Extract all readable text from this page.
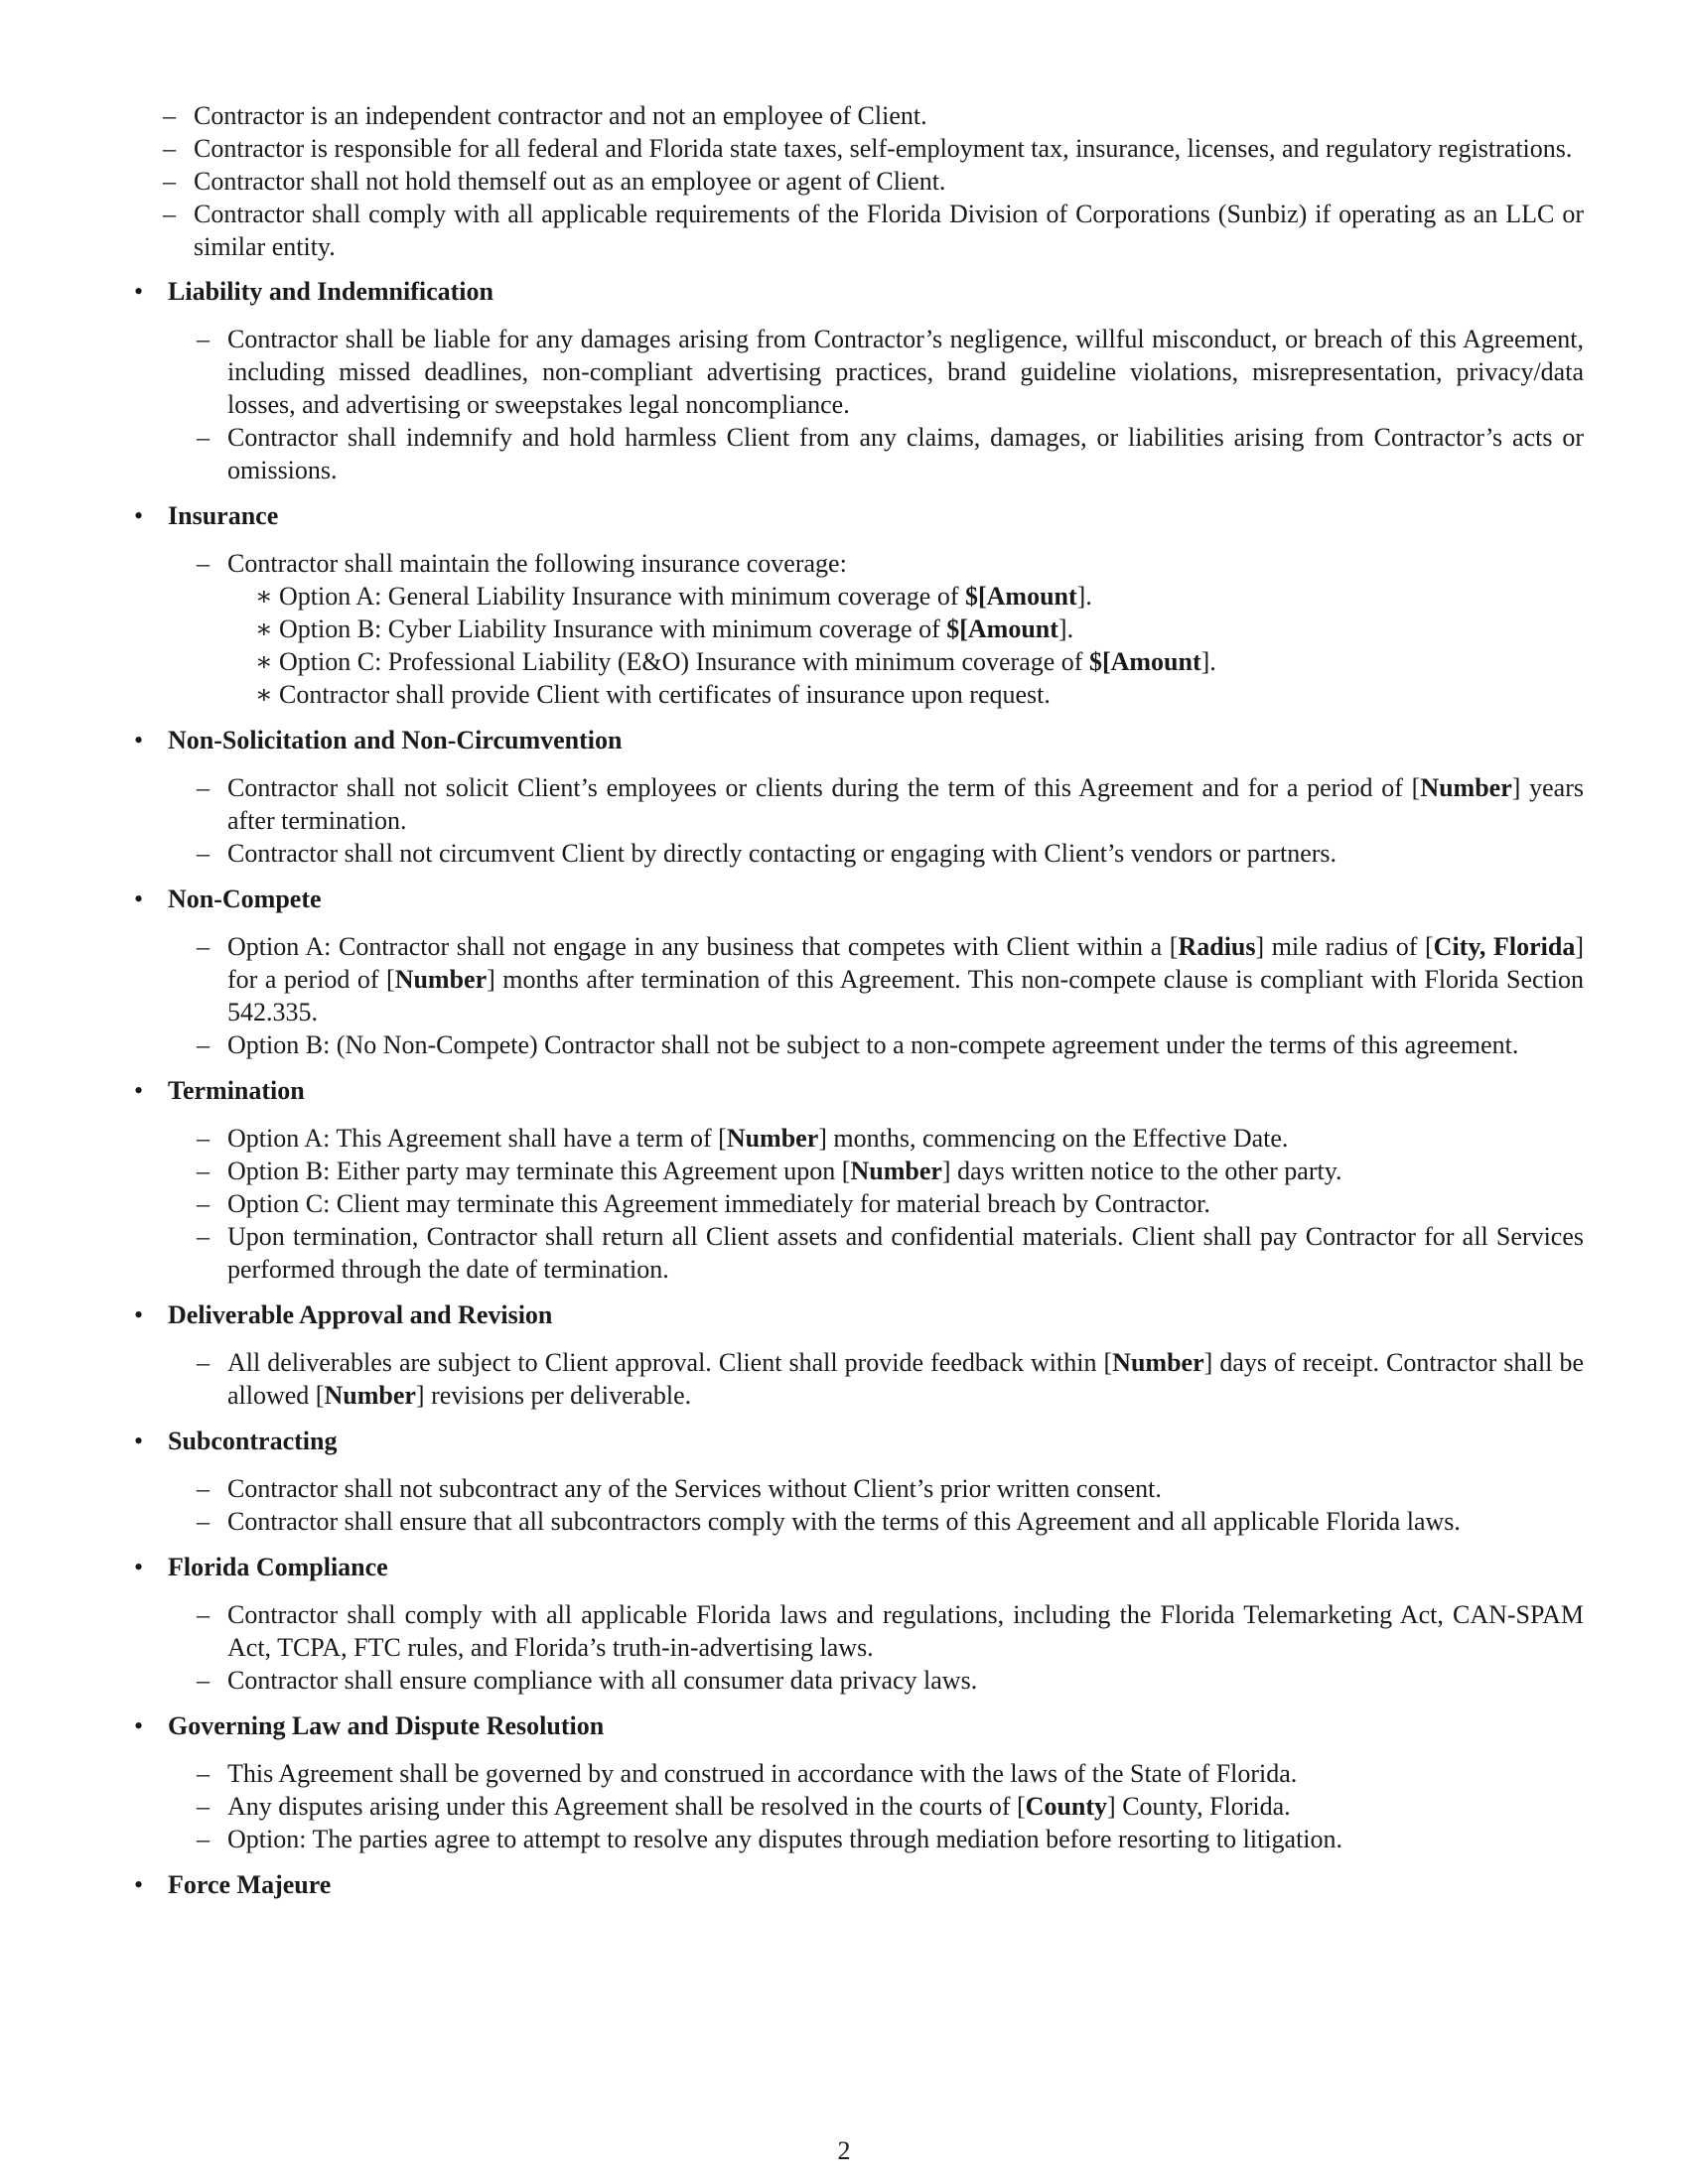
– Contractor is an independent contractor and not an employee of Client.
– Contractor is responsible for all federal and Florida state taxes, self-employment tax, insurance, licenses, and regulatory registrations.
– Contractor shall not hold themself out as an employee or agent of Client.
– Contractor shall comply with all applicable requirements of the Florida Division of Corporations (Sunbiz) if operating as an LLC or similar entity.
• Liability and Indemnification
– Contractor shall be liable for any damages arising from Contractor’s negligence, willful misconduct, or breach of this Agreement, including missed deadlines, non-compliant advertising practices, brand guideline violations, misrepresentation, privacy/data losses, and advertising or sweepstakes legal noncompliance.
– Contractor shall indemnify and hold harmless Client from any claims, damages, or liabilities arising from Contractor’s acts or omissions.
• Insurance
– Contractor shall maintain the following insurance coverage:
∗ Option A: General Liability Insurance with minimum coverage of $[Amount].
∗ Option B: Cyber Liability Insurance with minimum coverage of $[Amount].
∗ Option C: Professional Liability (E&O) Insurance with minimum coverage of $[Amount].
∗ Contractor shall provide Client with certificates of insurance upon request.
• Non-Solicitation and Non-Circumvention
– Contractor shall not solicit Client’s employees or clients during the term of this Agreement and for a period of [Number] years after termination.
– Contractor shall not circumvent Client by directly contacting or engaging with Client’s vendors or partners.
• Non-Compete
– Option A: Contractor shall not engage in any business that competes with Client within a [Radius] mile radius of [City, Florida] for a period of [Number] months after termination of this Agreement. This non-compete clause is compliant with Florida Section 542.335.
– Option B: (No Non-Compete) Contractor shall not be subject to a non-compete agreement under the terms of this agreement.
• Termination
– Option A: This Agreement shall have a term of [Number] months, commencing on the Effective Date.
– Option B: Either party may terminate this Agreement upon [Number] days written notice to the other party.
– Option C: Client may terminate this Agreement immediately for material breach by Contractor.
– Upon termination, Contractor shall return all Client assets and confidential materials. Client shall pay Contractor for all Services performed through the date of termination.
• Deliverable Approval and Revision
– All deliverables are subject to Client approval. Client shall provide feedback within [Number] days of receipt. Contractor shall be allowed [Number] revisions per deliverable.
• Subcontracting
– Contractor shall not subcontract any of the Services without Client’s prior written consent.
– Contractor shall ensure that all subcontractors comply with the terms of this Agreement and all applicable Florida laws.
• Florida Compliance
– Contractor shall comply with all applicable Florida laws and regulations, including the Florida Telemarketing Act, CAN-SPAM Act, TCPA, FTC rules, and Florida’s truth-in-advertising laws.
– Contractor shall ensure compliance with all consumer data privacy laws.
• Governing Law and Dispute Resolution
– This Agreement shall be governed by and construed in accordance with the laws of the State of Florida.
– Any disputes arising under this Agreement shall be resolved in the courts of [County] County, Florida.
– Option: The parties agree to attempt to resolve any disputes through mediation before resorting to litigation.
• Force Majeure
2
